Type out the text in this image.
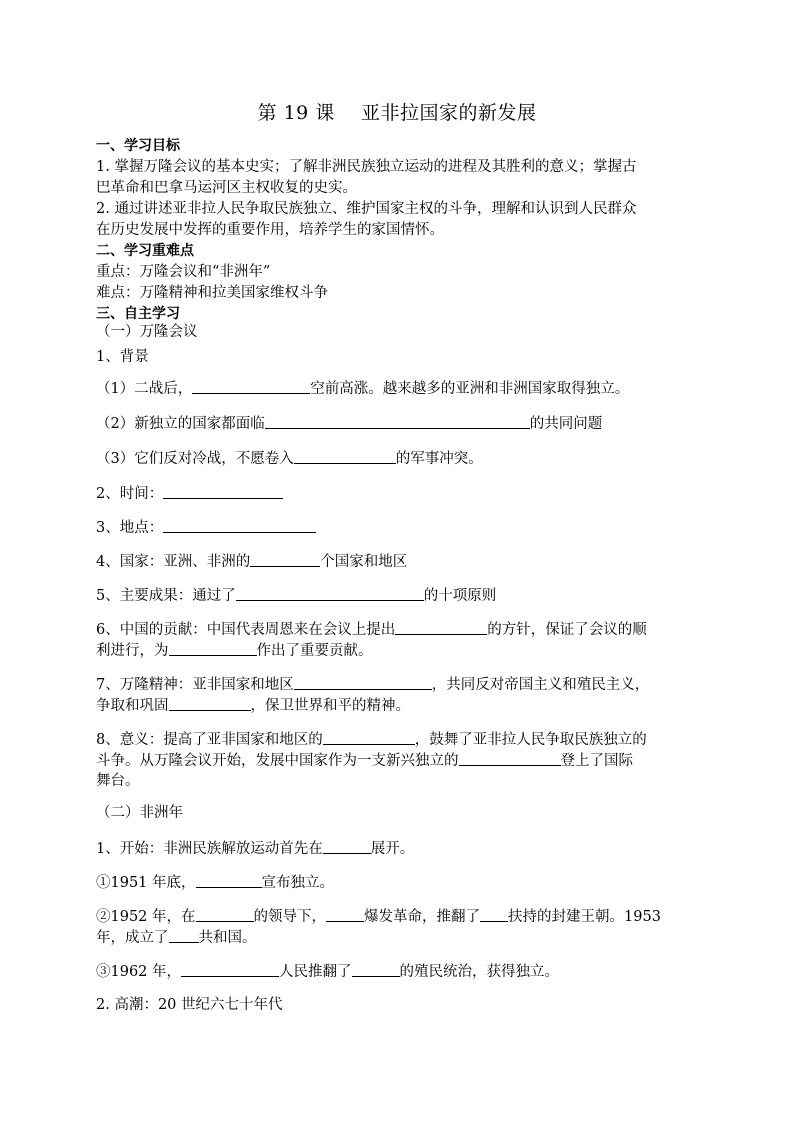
第 19 课    亚非拉国家的新发展
一、学习目标
1. 掌握万隆会议的基本史实；了解非洲民族独立运动的进程及其胜利的意义；掌握古
巴革命和巴拿马运河区主权收复的史实。
2. 通过讲述亚非拉人民争取民族独立、维护国家主权的斗争，理解和认识到人民群众
在历史发展中发挥的重要作用，培养学生的家国情怀。
二、学习重难点
重点：万隆会议和“非洲年”
难点：万隆精神和拉美国家维权斗争
三、自主学习
（一）万隆会议
1、背景
（1）二战后，	空前高涨。越来越多的亚洲和非洲国家取得独立。
（2）新独立的国家都面临	的共同问题
（3）它们反对冷战，不愿卷入	的军事冲突。
2、时间：
3、地点：
4、国家：亚洲、非洲的	个国家和地区
5、主要成果：通过了	的十项原则
6、中国的贡献：中国代表周恩来在会议上提出	的方针，保证了会议的顺
利进行，为	作出了重要贡献。
7、万隆精神：亚非国家和地区	，共同反对帝国主义和殖民主义，
争取和巩固	，保卫世界和平的精神。
8、意义：提高了亚非国家和地区的	，鼓舞了亚非拉人民争取民族独立的
斗争。从万隆会议开始，发展中国家作为一支新兴独立的	登上了国际
舞台。
（二）非洲年
1、开始：非洲民族解放运动首先在	展开。
①1951 年底，	宣布独立。
②1952 年，在	的领导下，	爆发革命，推翻了 扶持的封建王朝。1953
年，成立了 共和国。
③1962 年，	人民推翻了	的殖民统治，获得独立。
2. 高潮：20 世纪六七十年代
